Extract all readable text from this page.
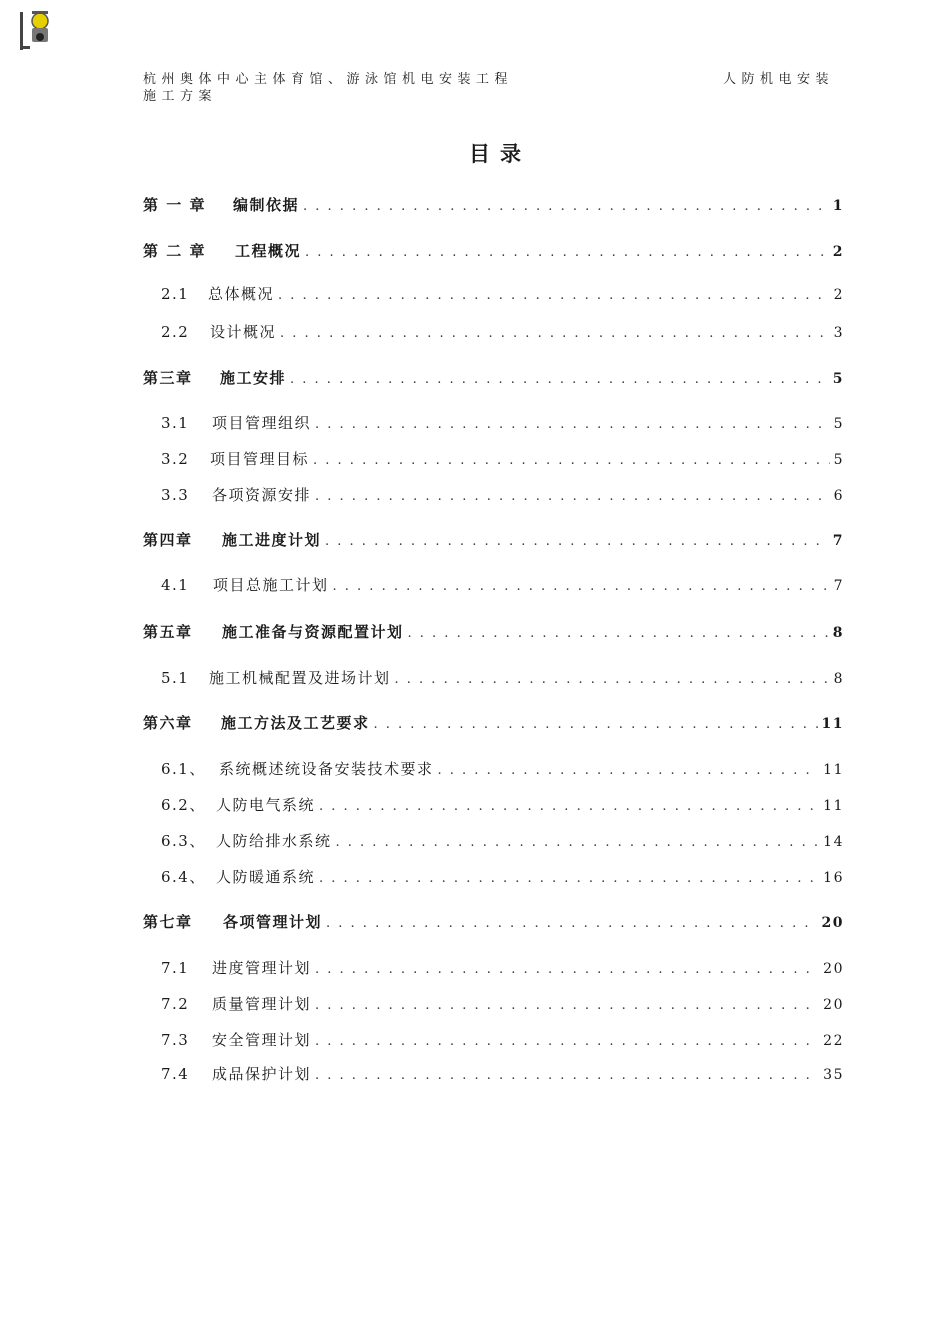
杭州奥体中心主体育馆、游泳馆机电安装工程
施工方案
人防机电安装
目录
第 一 章	编制依据 . . .	1
第 二 章	工程概况 . . .	2
2.1	总体概况 . . .	2
2.2	设计概况 . . .	3
第三章	施工安排 . . .	5
3.1	项目管理组织 . . .	5
3.2	项目管理目标 . . .	5
3.3	各项资源安排 . . .	6
第四章	施工进度计划 . . .	7
4.1	项目总施工计划 . . .	7
第五章	施工准备与资源配置计划 . . .	8
5.1	施工机械配置及进场计划 . . .	8
第六章	施工方法及工艺要求 . . .	11
6.1、 系统概述统设备安装技术要求 . . .	11
6.2、 人防电气系统 . . .	11
6.3、 人防给排水系统 . . .	14
6.4、 人防暖通系统 . . .	16
第七章	各项管理计划 . . .	20
7.1	进度管理计划 . . .	20
7.2	质量管理计划 . . .	20
7.3	安全管理计划 . . .	22
7.4	成品保护计划 . . .	35
